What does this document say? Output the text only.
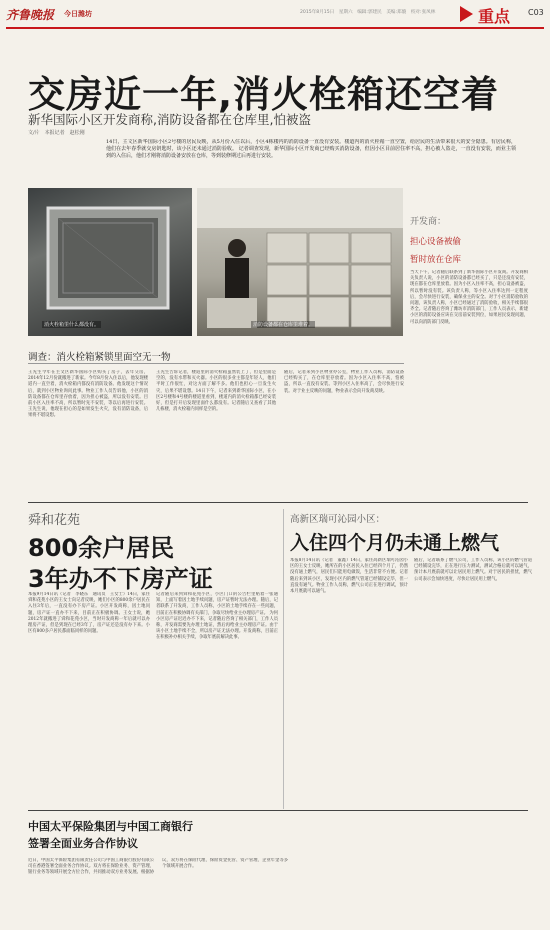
齐鲁晚报 今日潍坊	2015年8月15日　星期六　编辑:郭建民　美编:郑璇　校对:张凤林	重点 C03
交房近一年,消火栓箱还空着
新华国际小区开发商称,消防设备都在仓库里,怕被盗
文/片　本报记者　赵松刚
14日，主文区新华国际小区2号楼的居民反映，从5月份入住以后，小区4栋楼内的消防设备一直没有安装。楼道内的消火栓箱一直空置，给居民的生活带来很大的安全隐患。有居民称，他们在去年春季就交房钥匙时，该小区还未通过消防验收。 记者调查发现，新华国际小区开发商已经购买消防设备，但因小区目前居住率不高，担心被人盗走，一直没有安装，而业主领到的入住后，他们才刚将消防设备安放在仓库，等到装修期过后再进行安装。
消火栓箱里什么都没有。	消防设备都在仓库里堆着。
调查：消火栓箱紧锁里面空无一物
王先生今年在主文区新华国际小区购买了房子，去年交房，2014年12月份就搬进了新家。今年8月份入住以后，他发现楼道内一直空着，消火栓箱内都没有消防设备。他发现这个情况后，就到小区物业询问此事。物业工作人员告诉他，小区的消防设备都在仓库里存放着，因为担心被盗，所以没有安装。目前小区入住率不高，所以暂时先不安装，等以后再进行安装。王先生说，他现在担心的是如果发生火灾，没有消防设备，后果将不堪设想。
王先生告诉记者，楼道里的消火栓箱虽然装上了，但是里面是空的，没有水带和灭火器。小区的很多业主都是年轻人，他们平时工作很忙，对这方面了解不多。他们也担心一旦发生火灾，后果不堪设想。14日下午，记者来到新华国际小区，在小区2号楼和4号楼的楼道里看到，楼道内的消火栓箱都已经安装好，但是打开后发现里面什么都没有。记者随后又查看了其他几栋楼，消火栓箱内同样是空的。
随后，记者来到小区物业办公室，物业工作人员称，消防设备已经购买了，在仓库里存放着。因为小区入住率不高，怕被盗，所以一直没有安装。等到小区入住率高了，会尽快进行安装。对于业主反映的问题，物业表示会向开发商反映。
开发商：
担心设备被偷
暂时放在仓库
当天下午，记者随后联系到了新华国际小区开发商。开发商相关负责人说，小区的消防设备都已经买了，只是还没有安装，现在都在仓库里放着。因为小区入住率不高，担心设备被盗，所以暂时没有装。该负责人称，等小区入住率达到一定程度后，会尽快进行安装，确保业主的安全。对于小区消防验收的问题，该负责人称，小区已经通过了消防验收，相关手续都很齐全。记者随后咨询了潍坊市消防部门，工作人员表示，新建小区的消防设备应该在交房前安装到位，如果居民发现问题，可以向消防部门反映。
舜和花苑
800余户居民
3年办不下房产证
本报9月14日讯（记者　李晓东　通讯员　王女士）14日，家住舜和花苑小区的王女士向记者反映，她们小区的800余户居民在入住3年后，一直没有办下房产证。小区开发商称，因土地问题，房产证一直办不下来，目前正在积极协调。王女士说，她2012年就搬进了舜和花苑小区，当时开发商称一年后就可以办理房产证，但是到现在已经3年了，房产证还是没有办下来。小区有800多户居民都面临同样的问题。
记者随后来到舜和花苑小区，小区门口的公告栏里贴着一张通知，上面写着因土地手续问题，房产证暂时无法办理。随后，记者联系了开发商，工作人员称，小区的土地手续存在一些问题，目前正在积极协调有关部门，争取尽快给业主办理房产证。 为何小区房产证迟迟办不下来，记者随后咨询了相关部门，工作人员称，开发商需要先办理土地证，然后再给业主办理房产证。由于该小区土地手续不全，所以房产证无法办理。开发商称，目前正在积极补办相关手续，争取年底前解决此事。
高新区瑞可沁园小区：
入住四个月仍未通上燃气
本报8月14日讯（记者　董鑫）14日，家住高新区瑞可沁园小区的王女士反映，她所在的小区居民入住已经四个月了，仍然没有通上燃气，居民们只能用电做饭，生活非常不方便。记者随后来到该小区，发现小区内的燃气管道已经铺设完毕，但一直没有通气。物业工作人员称，燃气公司正在进行调试，预计本月底就可以通气。
随后，记者联系了燃气公司，工作人员称，该小区的燃气管道已经铺设完毕，正在进行压力测试，测试合格后就可以通气，预计本月底前就可以让居民用上燃气。对于居民的担忧，燃气公司表示会加快进度，尽快让居民用上燃气。
中国太平保险集团与中国工商银行
签署全面业务合作协议
近日，中国太平保险集团有限责任公司与中国工商银行股份有限公司在香港签署全面业务合作协议。双方将在保险业务、资产管理、银行业务等领域开展全方位合作，共同推动双方业务发展。根据协议，双方将在保险代理、保险资金托管、资产管理、企业年金等多个领域开展合作。
